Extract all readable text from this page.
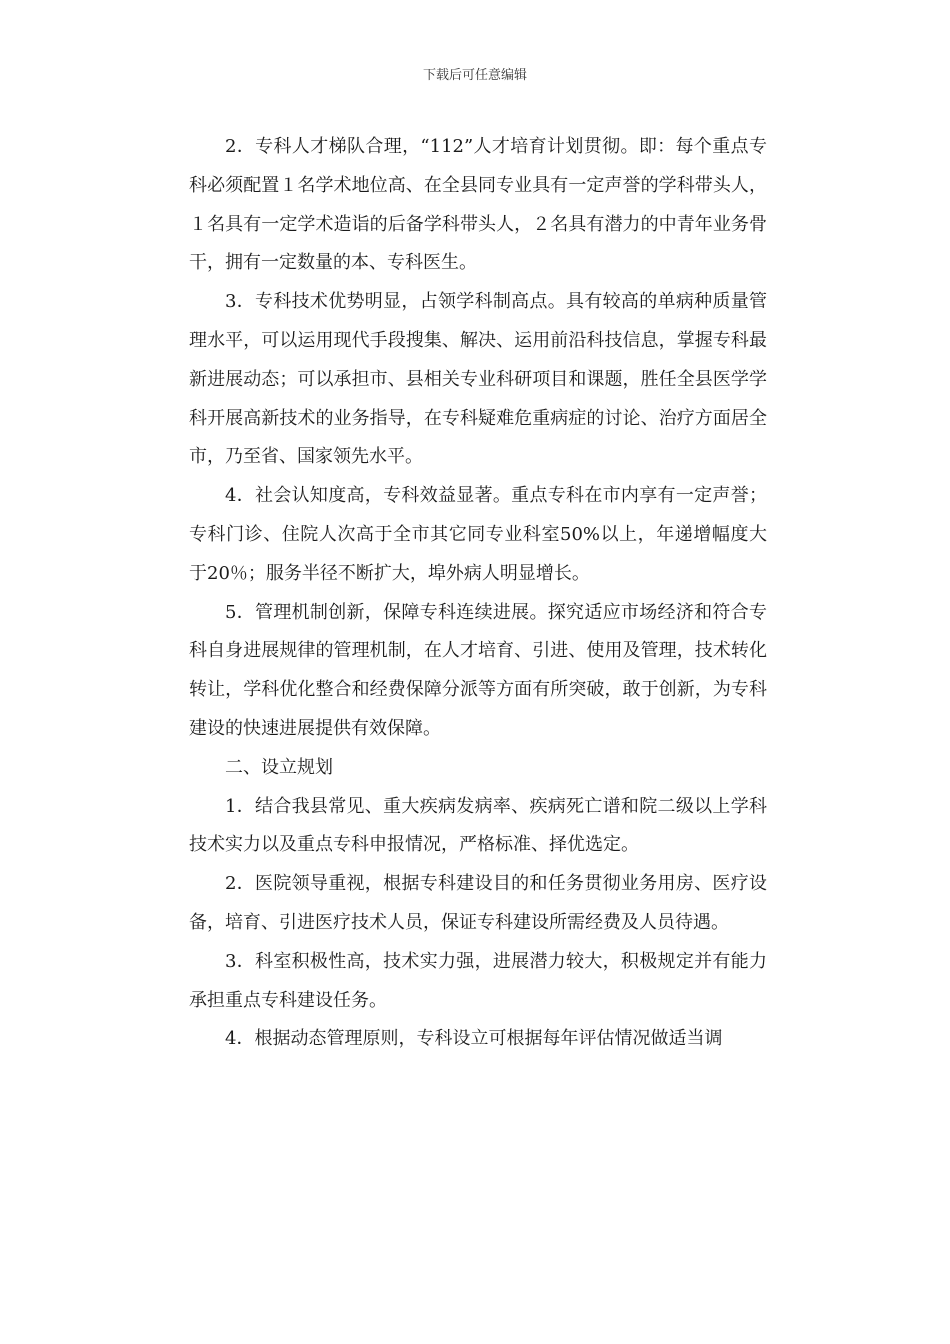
下载后可任意编辑

2．专科人才梯队合理，“112”人才培育计划贯彻。即：每个重点专科必须配置１名学术地位高、在全县同专业具有一定声誉的学科带头人，１名具有一定学术造诣的后备学科带头人，２名具有潜力的中青年业务骨干，拥有一定数量的本、专科医生。

3．专科技术优势明显，占领学科制高点。具有较高的单病种质量管理水平，可以运用现代手段搜集、解决、运用前沿科技信息，掌握专科最新进展动态；可以承担市、县相关专业科研项目和课题，胜任全县医学学科开展高新技术的业务指导，在专科疑难危重病症的讨论、治疗方面居全市，乃至省、国家领先水平。

4．社会认知度高，专科效益显著。重点专科在市内享有一定声誉；专科门诊、住院人次高于全市其它同专业科室50%以上，年递增幅度大于20％；服务半径不断扩大，埠外病人明显增长。

5．管理机制创新，保障专科连续进展。探究适应市场经济和符合专科自身进展规律的管理机制，在人才培育、引进、使用及管理，技术转化转让，学科优化整合和经费保障分派等方面有所突破，敢于创新，为专科建设的快速进展提供有效保障。

二、设立规划

1．结合我县常见、重大疾病发病率、疾病死亡谱和院二级以上学科技术实力以及重点专科申报情况，严格标准、择优选定。

2．医院领导重视，根据专科建设目的和任务贯彻业务用房、医疗设备，培育、引进医疗技术人员，保证专科建设所需经费及人员待遇。

3．科室积极性高，技术实力强，进展潜力较大，积极规定并有能力承担重点专科建设任务。

4．根据动态管理原则，专科设立可根据每年评估情况做适当调
